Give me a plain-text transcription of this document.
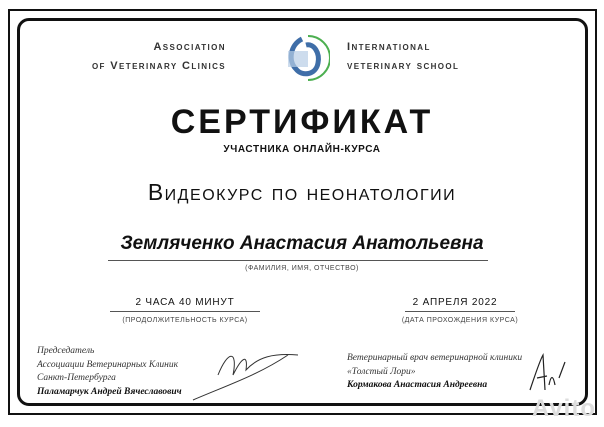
Association
of Veterinary Clinics
International
veterinary school
СЕРТИФИКАТ
УЧАСТНИКА ОНЛАЙН-КУРСА
Видеокурс по неонатологии
Земляченко Анастасия Анатольевна
(ФАМИЛИЯ, ИМЯ, ОТЧЕСТВО)
2 ЧАСА 40 МИНУТ
(ПРОДОЛЖИТЕЛЬНОСТЬ КУРСА)
2 АПРЕЛЯ 2022
(ДАТА ПРОХОЖДЕНИЯ КУРСА)
Председатель
Ассоциации Ветеринарных Клиник
Санкт-Петербурга
Паламарчук Андрей Вячеславович
Ветеринарный врач ветеринарной клиники
«Толстый Лори»
Кормакова Анастасия Андреевна
Avito
